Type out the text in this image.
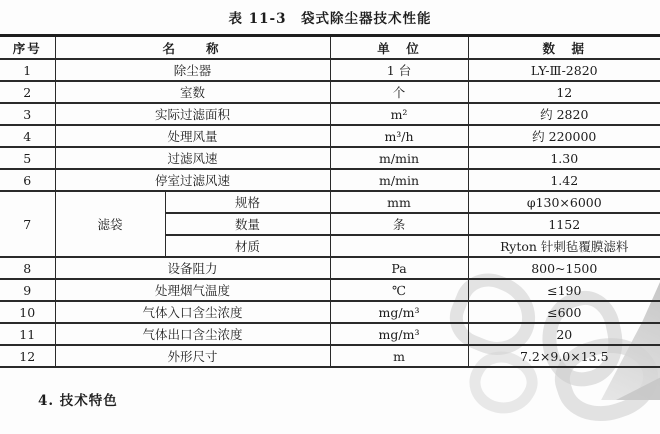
表 11-3　袋式除尘器技术性能
序号	名　　称		单　位	数　据
1	除尘器		1 台	LY-Ⅲ-2820
2	室数		个	12
3	实际过滤面积		m²	约 2820
4	处理风量		m³/h	约 220000
5	过滤风速		m/min	1.30
6	停室过滤风速		m/min	1.42
7	滤袋	规格	mm	φ130×6000
		数量	条	1152
		材质		Ryton 针刺毡覆膜滤料
8	设备阻力		Pa	800~1500
9	处理烟气温度		℃	≤190
10	气体入口含尘浓度		mg/m³	≤600
11	气体出口含尘浓度		mg/m³	20
12	外形尺寸		m	7.2×9.0×13.5
4. 技术特色
